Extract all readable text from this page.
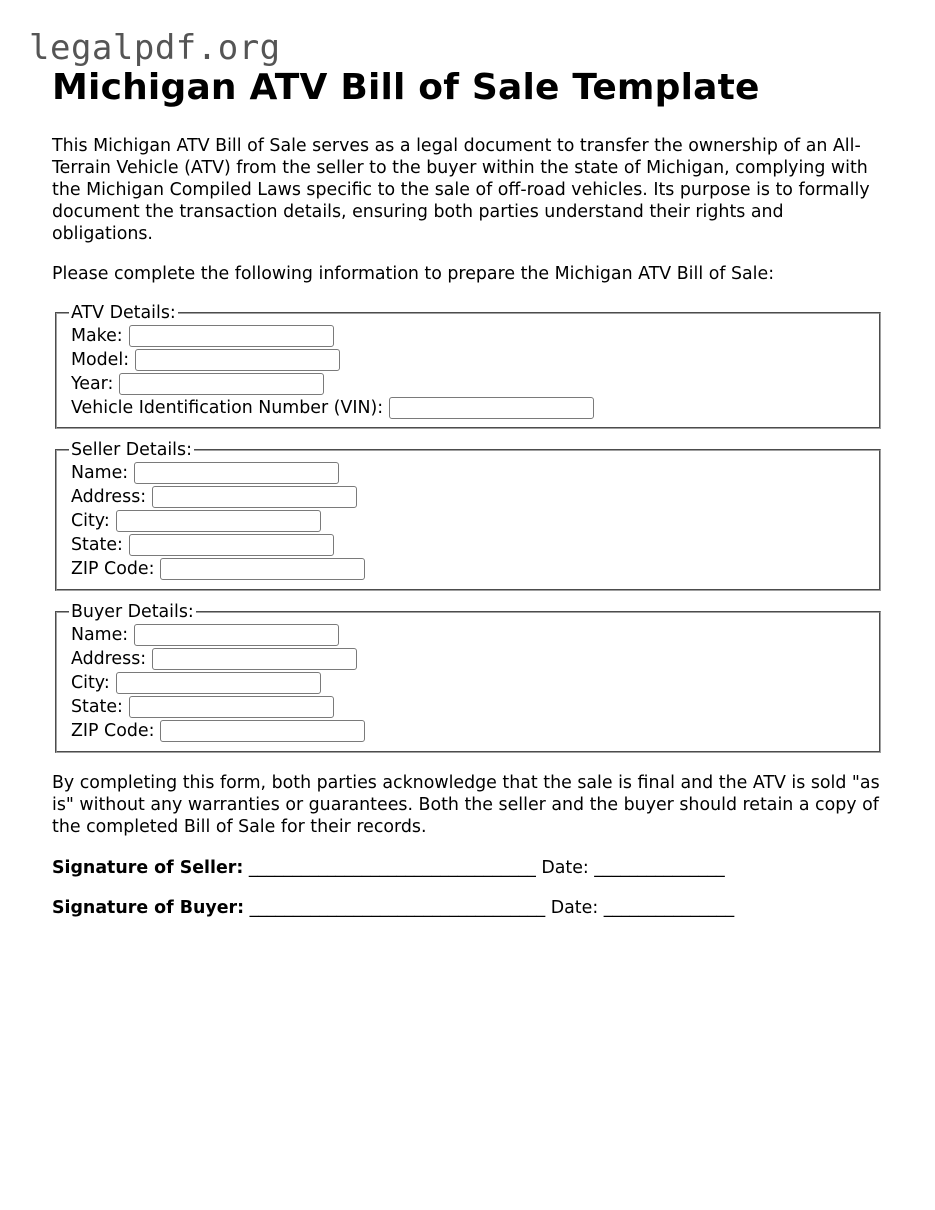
legalpdf.org
Michigan ATV Bill of Sale Template

This Michigan ATV Bill of Sale serves as a legal document to transfer the ownership of an All-Terrain Vehicle (ATV) from the seller to the buyer within the state of Michigan, complying with the Michigan Compiled Laws specific to the sale of off-road vehicles. Its purpose is to formally document the transaction details, ensuring both parties understand their rights and obligations.

Please complete the following information to prepare the Michigan ATV Bill of Sale:

ATV Details:
Make:
Model:
Year:
Vehicle Identification Number (VIN):
Seller Details:
Name:
Address:
City:
State:
ZIP Code:
Buyer Details:
Name:
Address:
City:
State:
ZIP Code:

By completing this form, both parties acknowledge that the sale is final and the ATV is sold "as is" without any warranties or guarantees. Both the seller and the buyer should retain a copy of the completed Bill of Sale for their records.

Signature of Seller: _________________________________ Date: _______________
Signature of Buyer: __________________________________ Date: _______________
